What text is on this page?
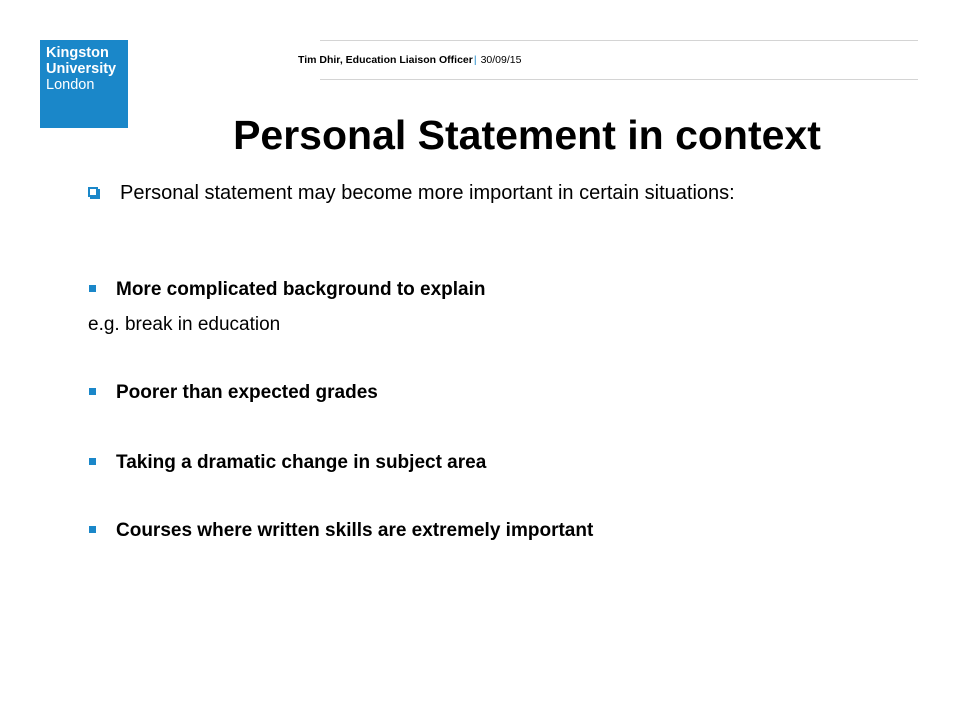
Kingston
University
London
Tim Dhir, Education Liaison Officer| 30/09/15
Personal Statement in context
Personal statement may become more important in certain situations:
More complicated background to explain
e.g. break in education
Poorer than expected grades
Taking a dramatic change in subject area
Courses where written skills are extremely important
